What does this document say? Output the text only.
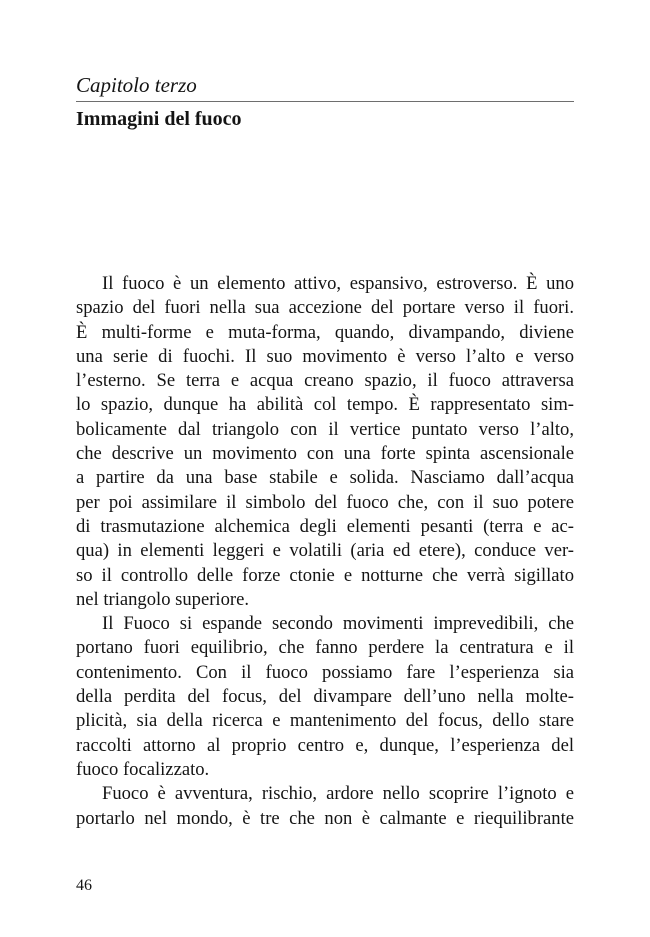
Capitolo terzo
Immagini del fuoco
Il fuoco è un elemento attivo, espansivo, estroverso. È uno
spazio del fuori nella sua accezione del portare verso il fuori.
È multi-forme e muta-forma, quando, divampando, diviene
una serie di fuochi. Il suo movimento è verso l’alto e verso
l’esterno. Se terra e acqua creano spazio, il fuoco attraversa
lo spazio, dunque ha abilità col tempo. È rappresentato sim-
bolicamente dal triangolo con il vertice puntato verso l’alto,
che descrive un movimento con una forte spinta ascensionale
a partire da una base stabile e solida. Nasciamo dall’acqua
per poi assimilare il simbolo del fuoco che, con il suo potere
di trasmutazione alchemica degli elementi pesanti (terra e ac-
qua) in elementi leggeri e volatili (aria ed etere), conduce ver-
so il controllo delle forze ctonie e notturne che verrà sigillato
nel triangolo superiore.
Il Fuoco si espande secondo movimenti imprevedibili, che
portano fuori equilibrio, che fanno perdere la centratura e il
contenimento. Con il fuoco possiamo fare l’esperienza sia
della perdita del focus, del divampare dell’uno nella molte-
plicità, sia della ricerca e mantenimento del focus, dello stare
raccolti attorno al proprio centro e, dunque, l’esperienza del
fuoco focalizzato.
Fuoco è avventura, rischio, ardore nello scoprire l’ignoto e
portarlo nel mondo, è tre che non è calmante e riequilibrante
46
